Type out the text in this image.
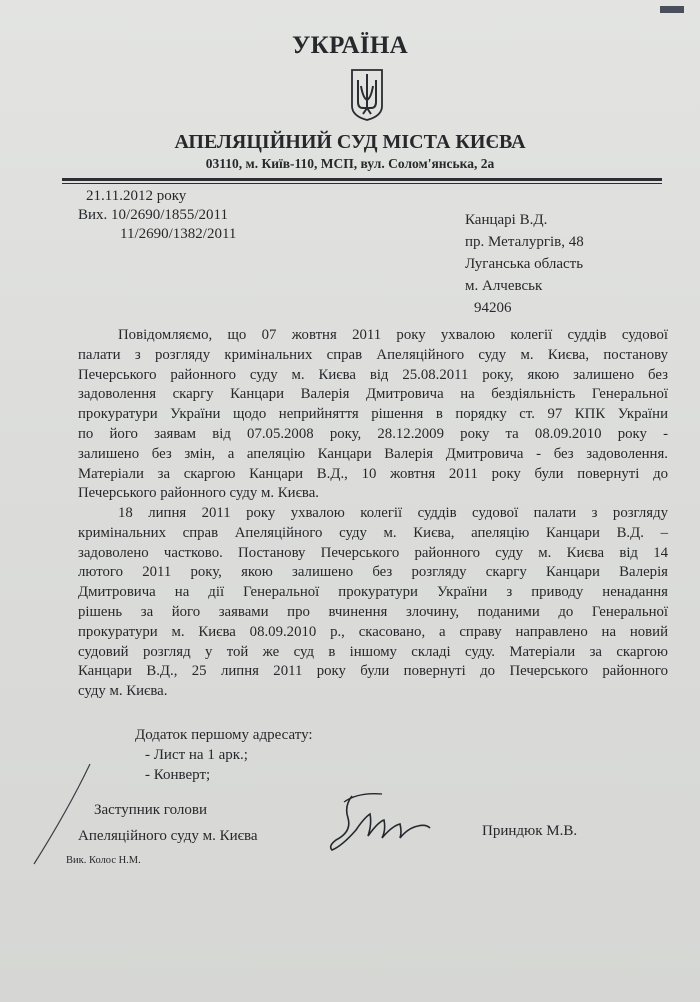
УКРАЇНА
АПЕЛЯЦІЙНИЙ СУД МІСТА КИЄВА
03110, м. Київ-110, МСП, вул. Солом'янська, 2а
21.11.2012 року
Вих. 10/2690/1855/2011
11/2690/1382/2011
Канцарі В.Д.
пр. Металургів, 48
Луганська область
м. Алчевськ
94206
Повідомляємо, що 07 жовтня 2011 року ухвалою колегії суддів судової
палати з розгляду кримінальних справ Апеляційного суду м. Києва, постанову
Печерського районного суду м. Києва від 25.08.2011 року, якою залишено без
задоволення скаргу Канцари Валерія Дмитровича на бездіяльність Генеральної
прокуратури України щодо неприйняття рішення в порядку ст. 97 КПК України
по його заявам від 07.05.2008 року, 28.12.2009 року та 08.09.2010 року -
залишено без змін, а апеляцію Канцари Валерія Дмитровича - без задоволення.
Матеріали за скаргою Канцари В.Д., 10 жовтня 2011 року були повернуті до
Печерського районного суду м. Києва.
18 липня 2011 року ухвалою колегії суддів судової палати з розгляду
кримінальних справ Апеляційного суду м. Києва, апеляцію Канцари В.Д. –
задоволено частково. Постанову Печерського районного суду м. Києва від 14
лютого 2011 року, якою залишено без розгляду скаргу Канцари Валерія
Дмитровича на дії Генеральної прокуратури України з приводу ненадання
рішень за його заявами про вчинення злочину, поданими до Генеральної
прокуратури м. Києва 08.09.2010 р., скасовано, а справу направлено на новий
судовий розгляд у той же суд в іншому складі суду. Матеріали за скаргою
Канцари В.Д., 25 липня 2011 року були повернуті до Печерського районного
суду м. Києва.
Додаток першому адресату:
- Лист на 1 арк.;
- Конверт;
Заступник голови
Апеляційного суду м. Києва	Приндюк М.В.
Вик. Колос Н.М.
